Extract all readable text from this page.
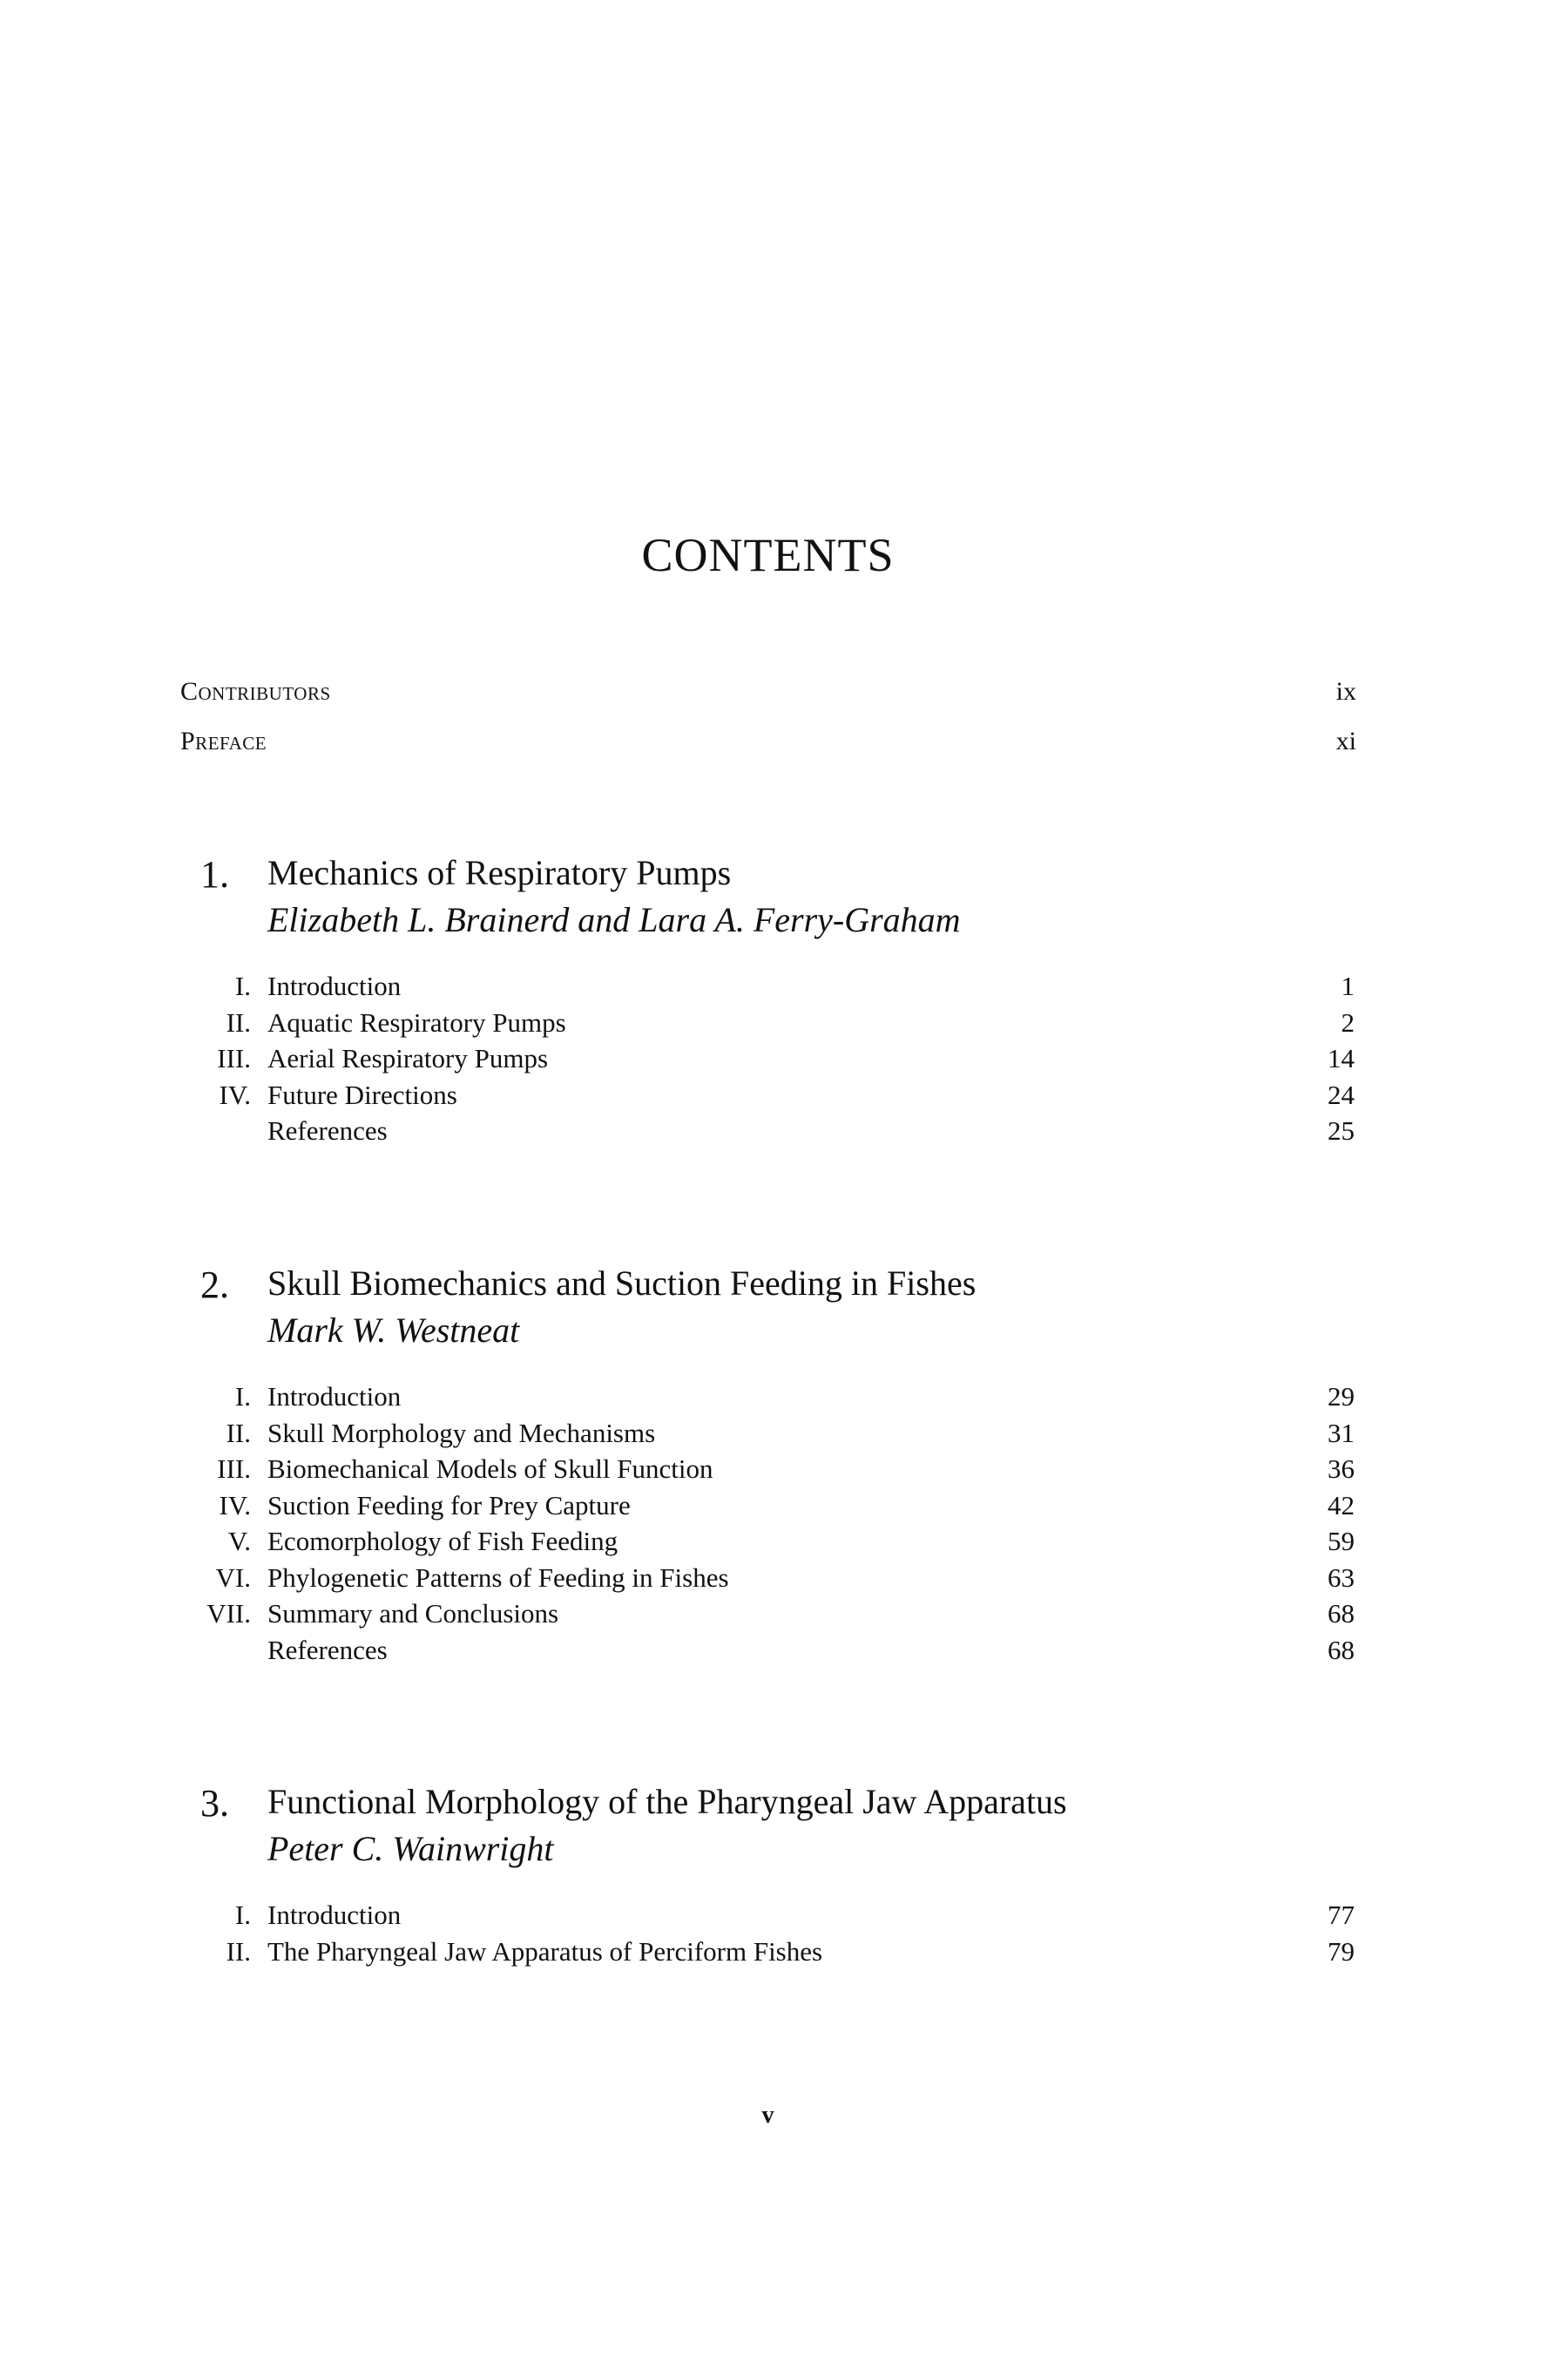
CONTENTS
Contributors	ix
Preface	xi
1. Mechanics of Respiratory Pumps
Elizabeth L. Brainerd and Lara A. Ferry-Graham
I. Introduction	1
II. Aquatic Respiratory Pumps	2
III. Aerial Respiratory Pumps	14
IV. Future Directions	24
References	25
2. Skull Biomechanics and Suction Feeding in Fishes
Mark W. Westneat
I. Introduction	29
II. Skull Morphology and Mechanisms	31
III. Biomechanical Models of Skull Function	36
IV. Suction Feeding for Prey Capture	42
V. Ecomorphology of Fish Feeding	59
VI. Phylogenetic Patterns of Feeding in Fishes	63
VII. Summary and Conclusions	68
References	68
3. Functional Morphology of the Pharyngeal Jaw Apparatus
Peter C. Wainwright
I. Introduction	77
II. The Pharyngeal Jaw Apparatus of Perciform Fishes	79
v
